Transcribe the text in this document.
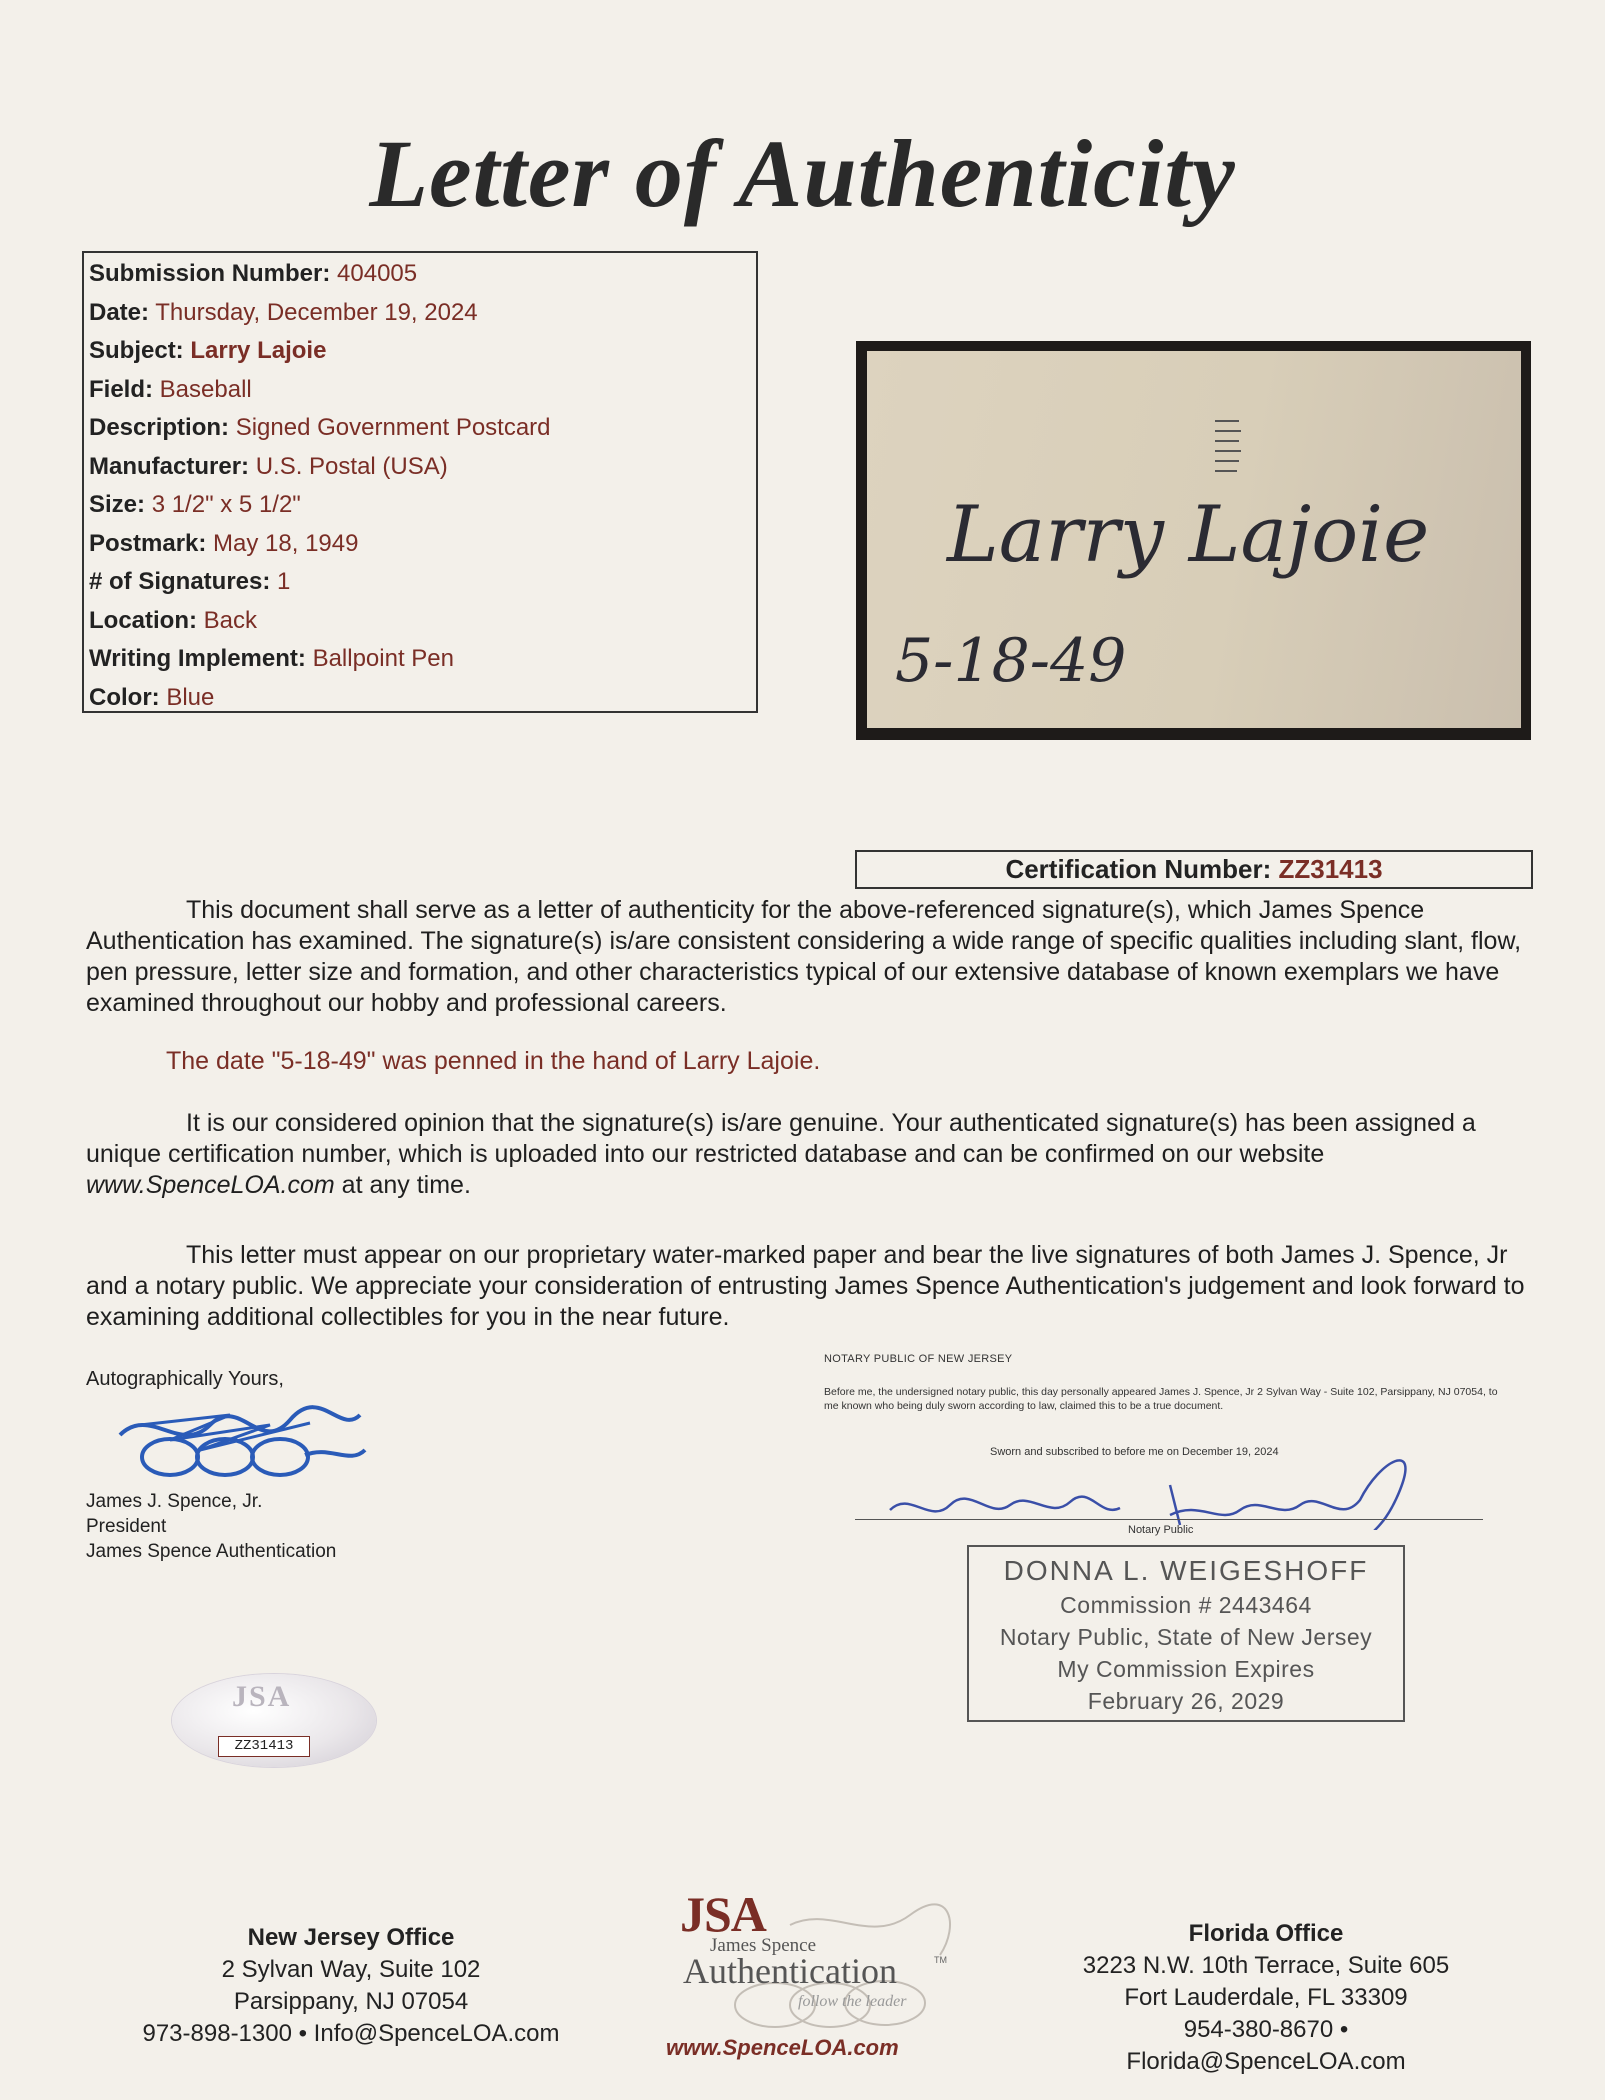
Letter of Authenticity
Submission Number: 404005
Date: Thursday, December 19, 2024
Subject: Larry Lajoie
Field: Baseball
Description: Signed Government Postcard
Manufacturer: U.S. Postal (USA)
Size: 3 1/2" x 5 1/2"
Postmark: May 18, 1949
# of Signatures: 1
Location: Back
Writing Implement: Ballpoint Pen
Color: Blue
Larry Lajoie
5-18-49
Certification Number: ZZ31413
This document shall serve as a letter of authenticity for the above-referenced signature(s), which James Spence Authentication has examined. The signature(s) is/are consistent considering a wide range of specific qualities including slant, flow, pen pressure, letter size and formation, and other characteristics typical of our extensive database of known exemplars we have examined throughout our hobby and professional careers.
The date "5-18-49" was penned in the hand of Larry Lajoie.
It is our considered opinion that the signature(s) is/are genuine. Your authenticated signature(s) has been assigned a unique certification number, which is uploaded into our restricted database and can be confirmed on our website www.SpenceLOA.com at any time.
This letter must appear on our proprietary water-marked paper and bear the live signatures of both James J. Spence, Jr and a notary public. We appreciate your consideration of entrusting James Spence Authentication's judgement and look forward to examining additional collectibles for you in the near future.
Autographically Yours,
James J. Spence, Jr.
President
James Spence Authentication
JSA
ZZ31413
NOTARY PUBLIC OF NEW JERSEY
Before me, the undersigned notary public, this day personally appeared James J. Spence, Jr 2 Sylvan Way - Suite 102, Parsippany, NJ 07054, to me known who being duly sworn according to law, claimed this to be a true document.
Sworn and subscribed to before me on December 19, 2024
Notary Public
DONNA L. WEIGESHOFF
Commission # 2443464
Notary Public, State of New Jersey
My Commission Expires
February 26, 2029
New Jersey Office
2 Sylvan Way, Suite 102
Parsippany, NJ 07054
973-898-1300 • Info@SpenceLOA.com
JSA
James Spence
Authentication	TM
follow the leader
www.SpenceLOA.com
Florida Office
3223 N.W. 10th Terrace, Suite 605
Fort Lauderdale, FL 33309
954-380-8670 • Florida@SpenceLOA.com
